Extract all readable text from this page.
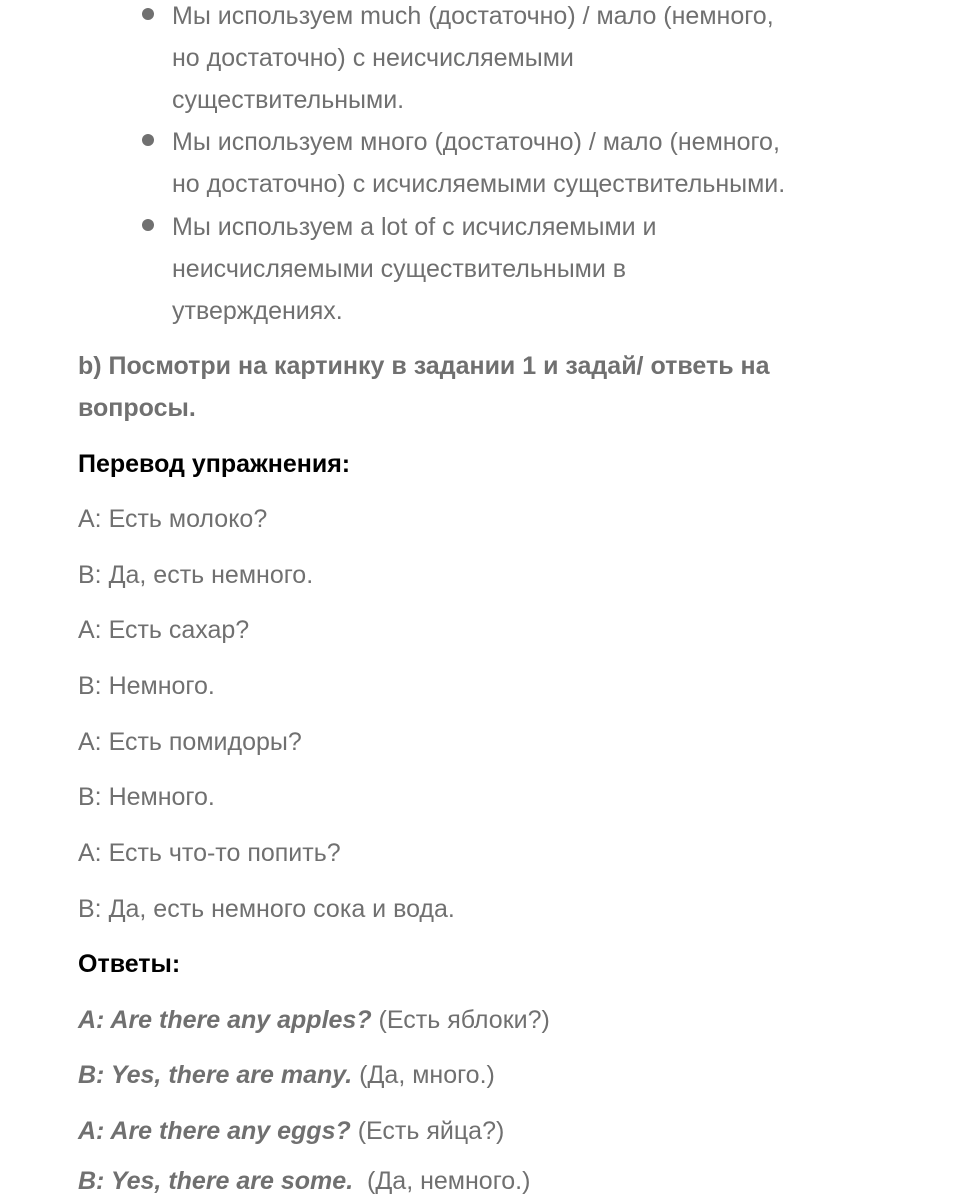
Мы используем much (достаточно) / мало (немного,
но достаточно) с неисчисляемыми
существительными.
Мы используем много (достаточно) / мало (немного,
но достаточно) с исчисляемыми существительными.
Мы используем a lot of с исчисляемыми и
неисчисляемыми существительными в
утверждениях.
b) Посмотри на картинку в задании 1 и задай/ ответь на
вопросы.
Перевод упражнения:
A: Есть молоко?
B: Да, есть немного.
A: Есть сахар?
B: Немного.
A: Есть помидоры?
B: Немного.
A: Есть что-то попить?
B: Да, есть немного сока и вода.
Ответы:
A: Are there any apples? (Есть яблоки?)
B: Yes, there are many. (Да, много.)
A: Are there any eggs? (Есть яйца?)
B: Yes, there are some.  (Да, немного.)
